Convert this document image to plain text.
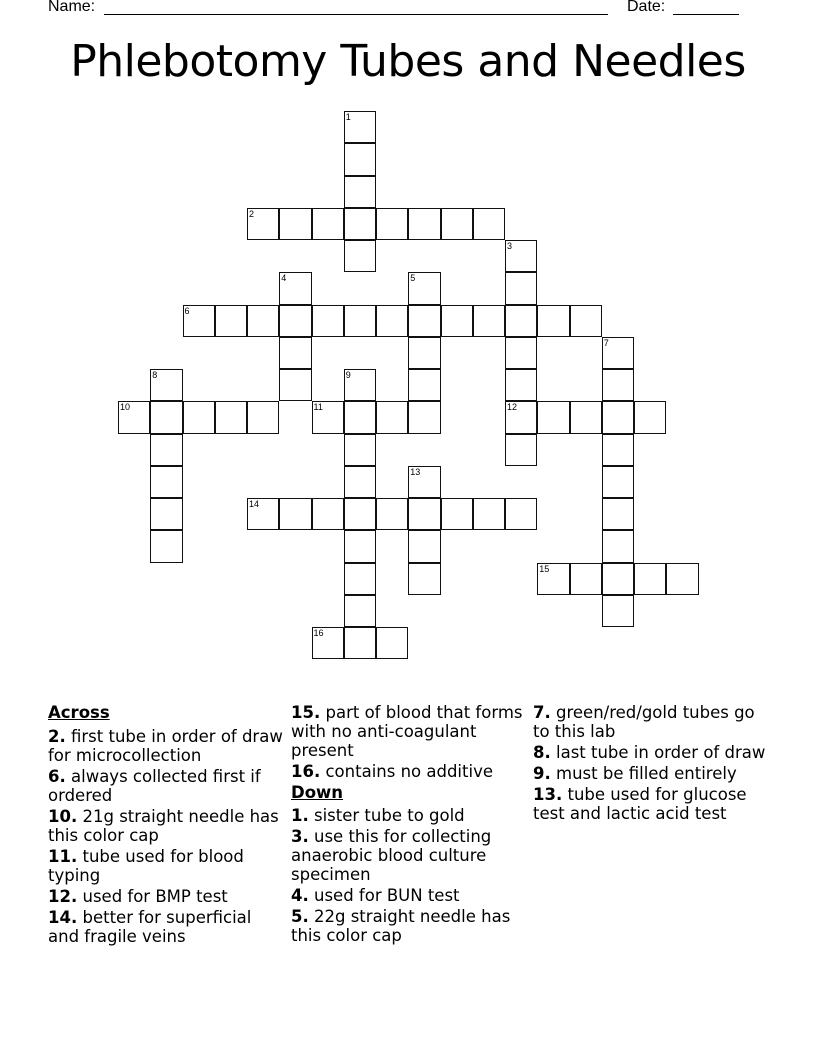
Name:	Date:
Phlebotomy Tubes and Needles
1
2
3
12
4	5
6
7
8	9
10	11
13
14
15
16
Across
2. first tube in order of draw for microcollection
6. always collected first if ordered
10. 21g straight needle has this color cap
11. tube used for blood typing
12. used for BMP test
14. better for superficial and fragile veins
15. part of blood that forms with no anti-coagulant present
16. contains no additive
Down
1. sister tube to gold
3. use this for collecting anaerobic blood culture specimen
4. used for BUN test
5. 22g straight needle has this color cap
7. green/red/gold tubes go to this lab
8. last tube in order of draw
9. must be filled entirely
13. tube used for glucose test and lactic acid test
